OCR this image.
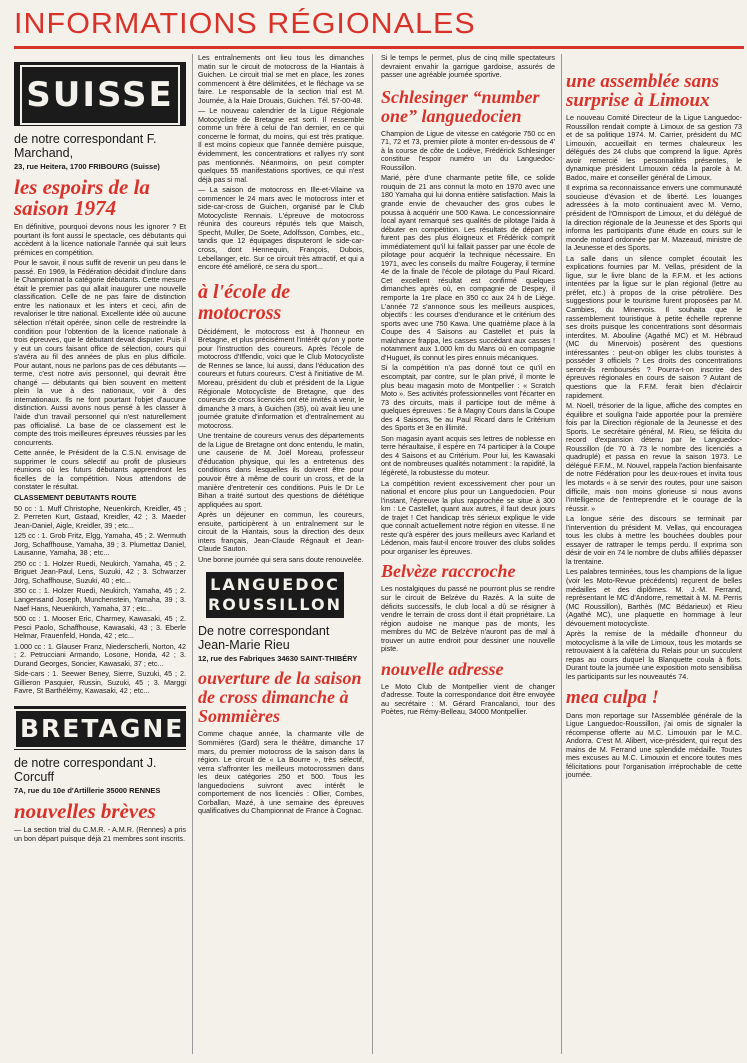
INFORMATIONS RÉGIONALES
SUISSE
de notre correspondant F. Marchand,
23, rue Heitera, 1700 FRIBOURG (Suisse)
les espoirs de la saison 1974

En définitive, pourquoi devons nous les ignorer ? Et pourtant ils font aussi le spectacle, ces débutants qui accèdent à la licence nationale l'année qui suit leurs prémices en compétition.

Pour le savoir, il nous suffit de revenir un peu dans le passé. En 1969, la Fédération décidait d'inclure dans le Championnat la catégorie débutants. Cette mesure était le premier pas qui allait inaugurer une nouvelle classification. Celle de ne pas faire de distinction entre les nationaux et les inters et ceci, afin de revaloriser le titre national. Excellente idée où aucune sélection n'était opérée, sinon celle de restreindre la condition pour l'obtention de la licence nationale à trois épreuves, que le débutant devait disputer. Puis il y eut un cours faisant office de sélection, cours qui s'avéra au fil des années de plus en plus difficile. Pour autant, nous ne parlons pas de ces débutants — terme, c'est notre avis personnel, qui devrait être changé — débutants qui bien souvent en mettent plein la vue à des nationaux, voir à des internationaux. Ils ne font pourtant l'objet d'aucune distinction. Aussi avons nous pensé à les classer à l'aide d'un travail personnel qui n'est naturellement pas officialisé. La base de ce classement est le compte des trois meilleures épreuves réussies par les concurrents.

Cette année, le Président de la C.S.N. envisage de supprimer le cours sélectif au profit de plusieurs réunions où les futurs débutants apprendront les ficelles de la compétition. Nous attendons de constater le résultat.

CLASSEMENT DEBUTANTS ROUTE

50 cc : 1. Muff Christophe, Neuenkirch, Kreidler, 45 ; 2. Perreten Kurt, Gstaad, Kreidler, 42 ; 3. Maeder Jean-Daniel, Aigle, Kreidler, 39 ; etc...

125 cc : 1. Grob Fritz, Elgg, Yamaha, 45 ; 2. Wermuth Jorg, Schaffhouse, Yamaha, 39 ; 3. Plumettaz Daniel, Lausanne, Yamaha, 38 ; etc...

250 cc : 1. Holzer Ruedi, Neukirch, Yamaha, 45 ; 2. Briguet Jean-Paul, Lens, Suzuki, 42 ; 3. Schwarzer Jörg, Schaffhouse, Suzuki, 40 ; etc...

350 cc : 1. Holzer Ruedi, Neukirch, Yamaha, 45 ; 2. Langensand Joseph, Munchenstein, Yamaha, 39 ; 3. Naef Hans, Neuenkirch, Yamaha, 37 ; etc...

500 cc : 1. Mooser Eric, Charmey, Kawasaki, 45 ; 2. Pesci Paolo, Schaffhouse, Kawasaki, 43 ; 3. Eberle Helmar, Frauenfeld, Honda, 42 ; etc...

1.000 cc : 1. Glauser Franz, Niederscherli, Norton, 42 ; 2. Petrucciani Armando, Losone, Honda, 42 ; 3. Durand Georges, Soncier, Kawasaki, 37 ; etc...

Side-cars : 1. Seewer Beney, Sierre, Suzuki, 45 ; 2. Gillieron Pasquier, Russin, Suzuki, 45 ; 3. Marggi Favre, St Barthélémy, Kawasaki, 42 ; etc...

BRETAGNE
de notre correspondant J. Corcuff
7A, rue du 10e d'Artillerie 35000 RENNES
nouvelles brèves

— La section trial du C.M.R. - A.M.R. (Rennes) a pris un bon départ puisque déjà 21 membres sont inscrits.

Les entraînements ont lieu tous les dimanches matin sur le circuit de motocross de la Hiantais à Guichen. Le circuit trial se met en place, les zones commencent à être délimitées, et le fléchage va se faire. Le responsable de la section trial est M. Journée, à la Haie Drouais, Guichen. Tél. 57-00-48.

— Le nouveau calendrier de la Ligue Régionale Motocycliste de Bretagne est sorti. Il ressemble comme un frère à celui de l'an dernier, en ce qui concerne le format, du moins, qui est très pratique. Il est moins copieux que l'année dernière puisque, évidemment, les concentrations et rallyes n'y sont pas mentionnés. Néanmoins, on peut compter quelques 55 manifestations sportives, ce qui n'est déjà pas si mal.

— La saison de motocross en Ille-et-Vilaine va commencer le 24 mars avec le motocross inter et side-car-cross de Guichen, organisé par le Club Motocycliste Rennais. L'épreuve de motocross réunira des coureurs réputés tels que Maisch, Specht, Muller, De Soete, Adolfsson, Combes, etc., tandis que 12 équipages disputeront le side-car-cross, dont Hennequin, François, Dubois, Lebellanger, etc. Sur ce circuit très attractif, et qui a encore été amélioré, ce sera du sport...

à l'école de motocross

Décidément, le motocross est à l'honneur en Bretagne, et plus précisément l'intérêt qu'on y porte pour l'instruction des coureurs. Après l'école de motocross d'Iffendic, voici que le Club Motocycliste de Rennes se lance, lui aussi, dans l'éducation des coureurs et futurs coureurs. C'est à l'initiative de M. Moreau, président du club et président de la Ligue Régionale Motocycliste de Bretagne, que des coureurs de cross licenciés ont été invités à venir, le dimanche 3 mars, à Guichen (35), où avait lieu une journée gratuite d'information et d'entraînement au motocross.

Une trentaine de coureurs venus des départements de la Ligue de Bretagne ont donc entendu, le matin, une causerie de M. Joël Moreau, professeur d'éducation physique, qui les a entretenus des conditions dans lesquelles ils doivent être pour pouvoir être à même de courir un cross, et de la manière d'entretenir ces conditions. Puis le Dr Le Bihan a traité surtout des questions de diététique appliquées au sport.

Après un déjeuner en commun, les coureurs, ensuite, participèrent à un entraînement sur le circuit de la Hiantais, sous la direction des deux inters français, Jean-Claude Régnault et Jean-Claude Sauton.

Une bonne journée qui sera sans doute renouvelée.

LANGUEDOC
ROUSSILLON
De notre correspondant Jean-Marie Rieu
12, rue des Fabriques 34630 SAINT-THIBÉRY
ouverture de la saison de cross dimanche à Sommières

Comme chaque année, la charmante ville de Sommières (Gard) sera le théâtre, dimanche 17 mars, du premier motocross de la saison dans la région. Le circuit de « La Bourre », très sélectif, verra s'affronter les meilleurs motocrossmen dans les deux catégories 250 et 500. Tous les languedociens suivront avec intérêt le comportement de nos licenciés : Ollier, Combes, Corballan, Mazé, à une semaine des épreuves qualificatives du Championnat de France à Cognac.

Si le temps le permet, plus de cinq mille spectateurs devraient envahir la garrigue gardoise, assurés de passer une agréable journée sportive.

Schlesinger “number one” languedocien

Champion de Ligue de vitesse en catégorie 750 cc en 71, 72 et 73, premier pilote à monter en-dessous de 4' à la course de côte de Lodève, Frédérick Schlesinger constitue l'espoir numéro un du Languedoc-Roussillon.

Marié, père d'une charmante petite fille, ce solide rouquin de 21 ans connut la moto en 1970 avec une 180 Yamaha qui lui donna entière satisfaction. Mais la grande envie de chevaucher des gros cubes le poussa à acquérir une 500 Kawa. Le concessionnaire local ayant remarqué ses qualités de pilotage l'aida à débuter en compétition. Les résultats de départ ne furent pas des plus éloigneux et Frédérick comprit immédiatement qu'il lui fallait passer par une école de pilotage pour acquérir la technique nécessaire. En 1971, avec les conseils du maître Fougeray, il termine 4e de la finale de l'école de pilotage du Paul Ricard. Cet excellent résultat est confirmé quelques dimanches après où, en compagnie de Despey, il remporte la 1re place en 350 cc aux 24 h de Liège. L'année 72 s'annonce sous les meilleurs auspices, objectifs : les courses d'endurance et le critérium des sports avec une 750 Kawa. Une quatrième place à la Coupe des 4 Saisons au Castellet et puis la malchance frappa, les casses succédant aux casses ! notamment aux 1.000 km du Mans où en compagnie d'Huguet, ils connut les pires ennuis mécaniques.

Si la compétition n'a pas donné tout ce qu'il en escomptait, par contre, sur le plan privé, il monte le plus beau magasin moto de Montpellier : « Scratch Moto ». Ses activités professionnelles vont l'écarter en 73 des circuits, mais il participe tout de même à quelques épreuves : 5e à Magny Cours dans la Coupe des 4 Saisons, 5e au Paul Ricard dans le Critérium des Sports et 3e en illimité.

Son magasin ayant acquis ses lettres de noblesse en terre héraultaise, il espère en 74 participer à la Coupe des 4 Saisons et au Critérium. Pour lui, les Kawasaki ont de nombreuses qualités notamment : la rapidité, la légèreté, la robustesse du moteur.

La compétition revient excessivement cher pour un national et encore plus pour un Languedocien. Pour l'instant, l'épreuve la plus rapprochée se situe à 300 km : Le Castellet, quant aux autres, il faut deux jours de trajet ! Cet handicap très sérieux explique le vide que connaît actuellement notre région en vitesse. Il ne reste qu'à espérer des jours meilleurs avec Karland et Lédenon, mais faut-il encore trouver des clubs solides pour organiser les épreuves.

Belvèze raccroche

Les nostalgiques du passé ne pourront plus se rendre sur le circuit de Belzève du Razès. A la suite de déficits successifs, le club local a dû se résigner à vendre le terrain de cross dont il était propriétaire. La région audoise ne manque pas de monts, les membres du MC de Belzève n'auront pas de mal à trouver un autre endroit pour dessiner une nouvelle piste.

nouvelle adresse

Le Moto Club de Montpellier vient de changer d'adresse. Toute la correspondance doit être envoyée au secrétaire : M. Gérard Francalanci, tour des Poètes, rue Rémy-Belleau, 34000 Montpellier.

une assemblée sans surprise à Limoux

Le nouveau Comité Directeur de la Ligue Languedoc-Roussillon rendait compte à Limoux de sa gestion 73 et de sa politique 1974. M. Carrier, président du MC Limouxin, accueillait en termes chaleureux les délégués des 24 clubs que comprend la ligue. Après avoir remercié les personnalités présentes, le dynamique président Limouxin céda la parole à M. Badoc, maire et conseiller général de Limoux.

Il exprima sa reconnaissance envers une communauté soucieuse d'évasion et de liberté. Les louanges adressées à la moto continuaient avec M. Verno, président de l'Omnisport de Limoux, et du délégué de la direction régionale de la Jeunesse et des Sports qui informa les participants d'une étude en cours sur le monde motard ordonnée par M. Mazeaud, ministre de la Jeunesse et des Sports.

La salle dans un silence complet écoutait les explications fournies par M. Vellas, président de la ligue, sur le livre blanc de la F.F.M. et les actions intentées par la ligue sur le plan régional (lettre au préfet, etc.) à propos de la crise pétrolière. Des suggestions pour le tourisme furent proposées par M. Cambies, du Minervois. Il souhaita que le rassemblement touristique à petite échelle reprenne ses droits puisque les concentrations sont désormais interdites. M. Abouline (Agathé MC) et M. Hébraud (MC du Minervois) posèrent des questions intéressantes : peut-on obliger les clubs touristes à posséder 3 officiels ? Les droits des concentrations seront-ils remboursés ? Pourra-t-on inscrire des épreuves régionales en cours de saison ? Autant de questions que la F.F.M. ferait bien d'éclaircir rapidement.

M. Noell, trésorier de la ligue, affiche des comptes en équilibre et souligna l'aide apportée pour la première fois par la Direction régionale de la Jeunesse et des Sports. Le secrétaire général, M. Rieu, se félicita du record d'expansion détenu par le Languedoc-Roussillon (de 70 à 73 le nombre des licenciés a quadruplé) et passa en revue la saison 1973. Le délégué F.F.M., M. Nouvel, rappela l'action bienfaisante de notre Fédération pour les deux-roues et invita tous les motards « à se servir des routes, pour une saison difficile, mais non moins glorieuse si nous avons l'intelligence de l'entreprendre et le courage de la réussir. »

La longue série des discours se terminait par l'intervention du président M. Vellas, qui encourageа tous les clubs à mettre les bouchées doubles pour essayer de rattraper le temps perdu. Il exprima son désir de voir en 74 le nombre de clubs affiliés dépasser la trentaine.

Les palabres terminées, tous les champions de la ligue (voir les Moto-Revue précédents) reçurent de belles médailles et des diplômes. M. J.-M. Ferrand, représentant le MC d'Andorre, remettait à M. M. Perris (MC Roussillon), Barthès (MC Bédarieux) et Rieu (Agathé MC), une plaquette en hommage à leur dévouement motocycliste.

Après la remise de la médaille d'honneur du motocyclisme à la ville de Limoux, tous les motards se retrouvaient à la cafétéria du Relais pour un succulent repas au cours duquel la Blanquette coula à flots. Durant toute la journée une exposition moto sensibilisa les participants sur les nouveautés 74.

mea culpa !

Dans mon reportage sur l'Assemblée générale de la Ligue Languedoc-Roussillon, j'ai omis de signaler la récompense offerte au M.C. Limouxin par le M.C. Andorra. C'est M. Alibert, vice-président, qui reçut des mains de M. Ferrand une splendide médaille. Toutes mes excuses au M.C. Limouxin et encore toutes mes félicitations pour l'organisation irréprochable de cette journée.
